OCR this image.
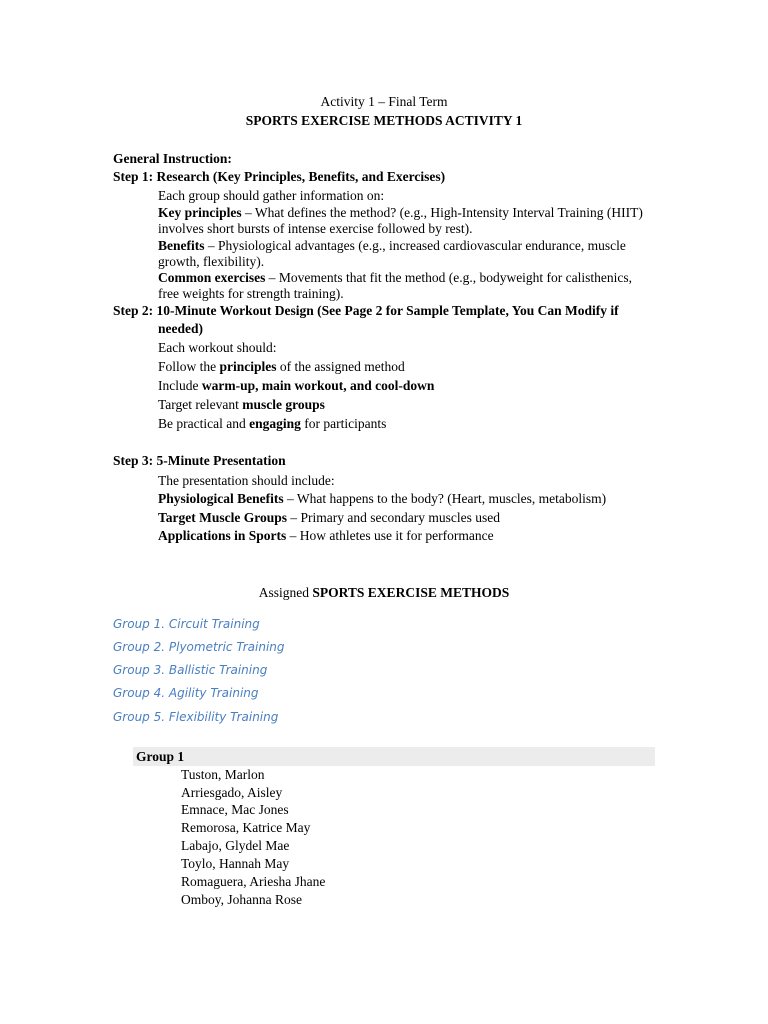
Activity 1 – Final Term
SPORTS EXERCISE METHODS ACTIVITY 1
General Instruction:
Step 1: Research (Key Principles, Benefits, and Exercises)
Each group should gather information on:
Key principles – What defines the method? (e.g., High-Intensity Interval Training (HIIT)
involves short bursts of intense exercise followed by rest).
Benefits – Physiological advantages (e.g., increased cardiovascular endurance, muscle
growth, flexibility).
Common exercises – Movements that fit the method (e.g., bodyweight for calisthenics,
free weights for strength training).
Step 2: 10-Minute Workout Design (See Page 2 for Sample Template, You Can Modify if
needed)
Each workout should:
Follow the principles of the assigned method
Include warm-up, main workout, and cool-down
Target relevant muscle groups
Be practical and engaging for participants
Step 3: 5-Minute Presentation
The presentation should include:
Physiological Benefits – What happens to the body? (Heart, muscles, metabolism)
Target Muscle Groups – Primary and secondary muscles used
Applications in Sports – How athletes use it for performance
Assigned SPORTS EXERCISE METHODS
Group 1. Circuit Training
Group 2. Plyometric Training
Group 3. Ballistic Training
Group 4. Agility Training
Group 5. Flexibility Training
Group 1
Tuston, Marlon
Arriesgado, Aisley
Emnace, Mac Jones
Remorosa, Katrice May
Labajo, Glydel Mae
Toylo, Hannah May
Romaguera, Ariesha Jhane
Omboy, Johanna Rose
